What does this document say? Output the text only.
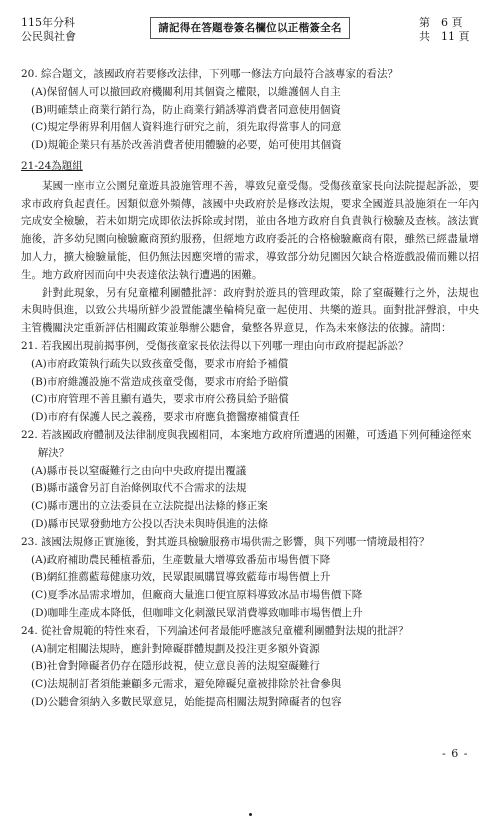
115年分科
公民與社會
請記得在答題卷簽名欄位以正楷簽全名	第　6 頁
共　11 頁

20. 綜合題文，該國政府若要修改法律，下列哪一修法方向最符合該專家的看法？

(A)保留個人可以撤回政府機關利用其個資之權限，以維護個人自主

(B)明確禁止商業行銷行為，防止商業行銷誘導消費者同意使用個資

(C)規定學術界利用個人資料進行研究之前，須先取得當事人的同意

(D)規範企業只有基於改善消費者使用體驗的必要，始可使用其個資

21-24為題組

某國一座市立公園兒童遊具設施管理不善，導致兒童受傷。受傷孩童家長向法院提起訴訟，要求市政府負起責任。因類似意外頻傳，該國中央政府於是修改法規，要求全國遊具設施須在一年內完成安全檢驗，若未如期完成即依法拆除或封閉，並由各地方政府自負責執行檢驗及查核。該法實施後，許多幼兒園向檢驗廠商預約服務，但經地方政府委託的合格檢驗廠商有限，雖然已經盡量增加人力，擴大檢驗量能，但仍無法因應突增的需求，導致部分幼兒園因欠缺合格遊戲設備而難以招生。地方政府因而向中央表達依法執行遭遇的困難。

針對此現象，另有兒童權利團體批評：政府對於遊具的管理政策，除了窒礙難行之外，法規也未與時俱進，以致公共場所鮮少設置能讓坐輪椅兒童一起使用、共樂的遊具。面對批評聲浪，中央主管機關決定重新評估相關政策並舉辦公聽會，彙整各界意見，作為未來修法的依據。請問：

21. 若我國出現前揭事例，受傷孩童家長依法得以下列哪一理由向市政府提起訴訟？

(A)市府政策執行疏失以致孩童受傷，要求市府給予補償

(B)市府維護設施不當造成孩童受傷，要求市府給予賠償

(C)市府管理不善且顯有過失，要求市府公務員給予賠償

(D)市府有保護人民之義務，要求市府應負擔醫療補償責任

22. 若該國政府體制及法律制度與我國相同，本案地方政府所遭遇的困難，可透過下列何種途徑來解決？

(A)縣市長以窒礙難行之由向中央政府提出覆議

(B)縣市議會另訂自治條例取代不合需求的法規

(C)縣市選出的立法委員在立法院提出法條的修正案

(D)縣市民眾發動地方公投以否決未與時俱進的法條

23. 該國法規修正實施後，對其遊具檢驗服務市場供需之影響，與下列哪一情境最相符？

(A)政府補助農民種植番茄，生產數量大增導致番茄市場售價下降

(B)網紅推薦藍莓健康功效，民眾跟風購買導致藍莓市場售價上升

(C)夏季冰品需求增加，但廠商大量進口便宜原料導致冰品市場售價下降

(D)咖啡生產成本降低，但咖啡文化刺激民眾消費導致咖啡市場售價上升

24. 從社會規範的特性來看，下列論述何者最能呼應該兒童權利團體對法規的批評？

(A)制定相關法規時，應針對障礙群體規劃及投注更多額外資源

(B)社會對障礙者仍存在隱形歧視，使立意良善的法規窒礙難行

(C)法規制訂者須能兼顧多元需求，避免障礙兒童被排除於社會參與

(D)公聽會須納入多數民眾意見，始能提高相關法規對障礙者的包容

- 6 -
